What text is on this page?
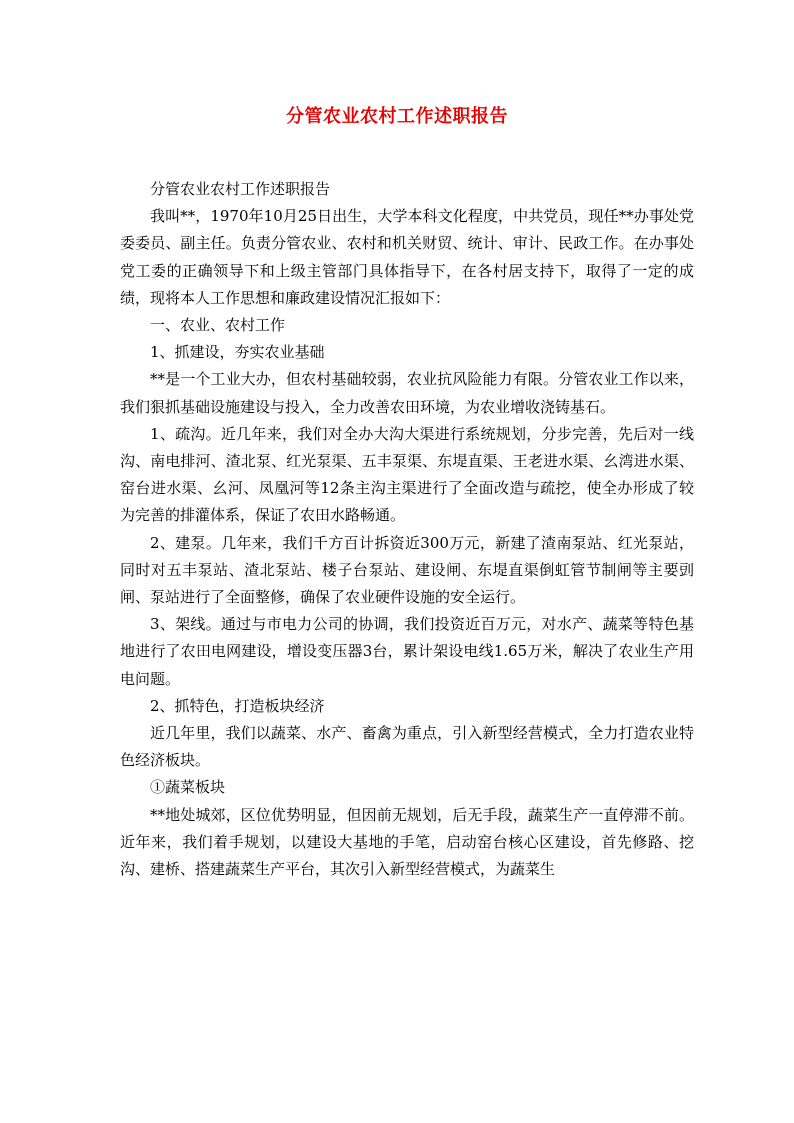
分管农业农村工作述职报告

分管农业农村工作述职报告

我叫**，1970年10月25日出生，大学本科文化程度，中共党员，现任**办事处党委委员、副主任。负责分管农业、农村和机关财贸、统计、审计、民政工作。在办事处党工委的正确领导下和上级主管部门具体指导下，在各村居支持下，取得了一定的成绩，现将本人工作思想和廉政建设情况汇报如下：

一、农业、农村工作

1、抓建设，夯实农业基础

**是一个工业大办，但农村基础较弱，农业抗风险能力有限。分管农业工作以来，我们狠抓基础设施建设与投入，全力改善农田环境，为农业增收浇铸基石。

1、疏沟。近几年来，我们对全办大沟大渠进行系统规划，分步完善，先后对一线沟、南电排河、渣北泵、红光泵渠、五丰泵渠、东堤直渠、王老进水渠、幺湾进水渠、窑台进水渠、幺河、凤凰河等12条主沟主渠进行了全面改造与疏挖，使全办形成了较为完善的排灌体系，保证了农田水路畅通。

2、建泵。几年来，我们千方百计拆资近300万元，新建了渣南泵站、红光泵站，同时对五丰泵站、渣北泵站、楼子台泵站、建设闸、东堤直渠倒虹管节制闸等主要剅闸、泵站进行了全面整修，确保了农业硬件设施的安全运行。

3、架线。通过与市电力公司的协调，我们投资近百万元，对水产、蔬菜等特色基地进行了农田电网建设，增设变压器3台，累计架设电线1.65万米，解决了农业生产用电问题。

2、抓特色，打造板块经济

近几年里，我们以蔬菜、水产、畜禽为重点，引入新型经营模式，全力打造农业特色经济板块。

①蔬菜板块

**地处城郊，区位优势明显，但因前无规划，后无手段，蔬菜生产一直停滞不前。近年来，我们着手规划，以建设大基地的手笔，启动窑台核心区建设，首先修路、挖沟、建桥、搭建蔬菜生产平台，其次引入新型经营模式，为蔬菜生
